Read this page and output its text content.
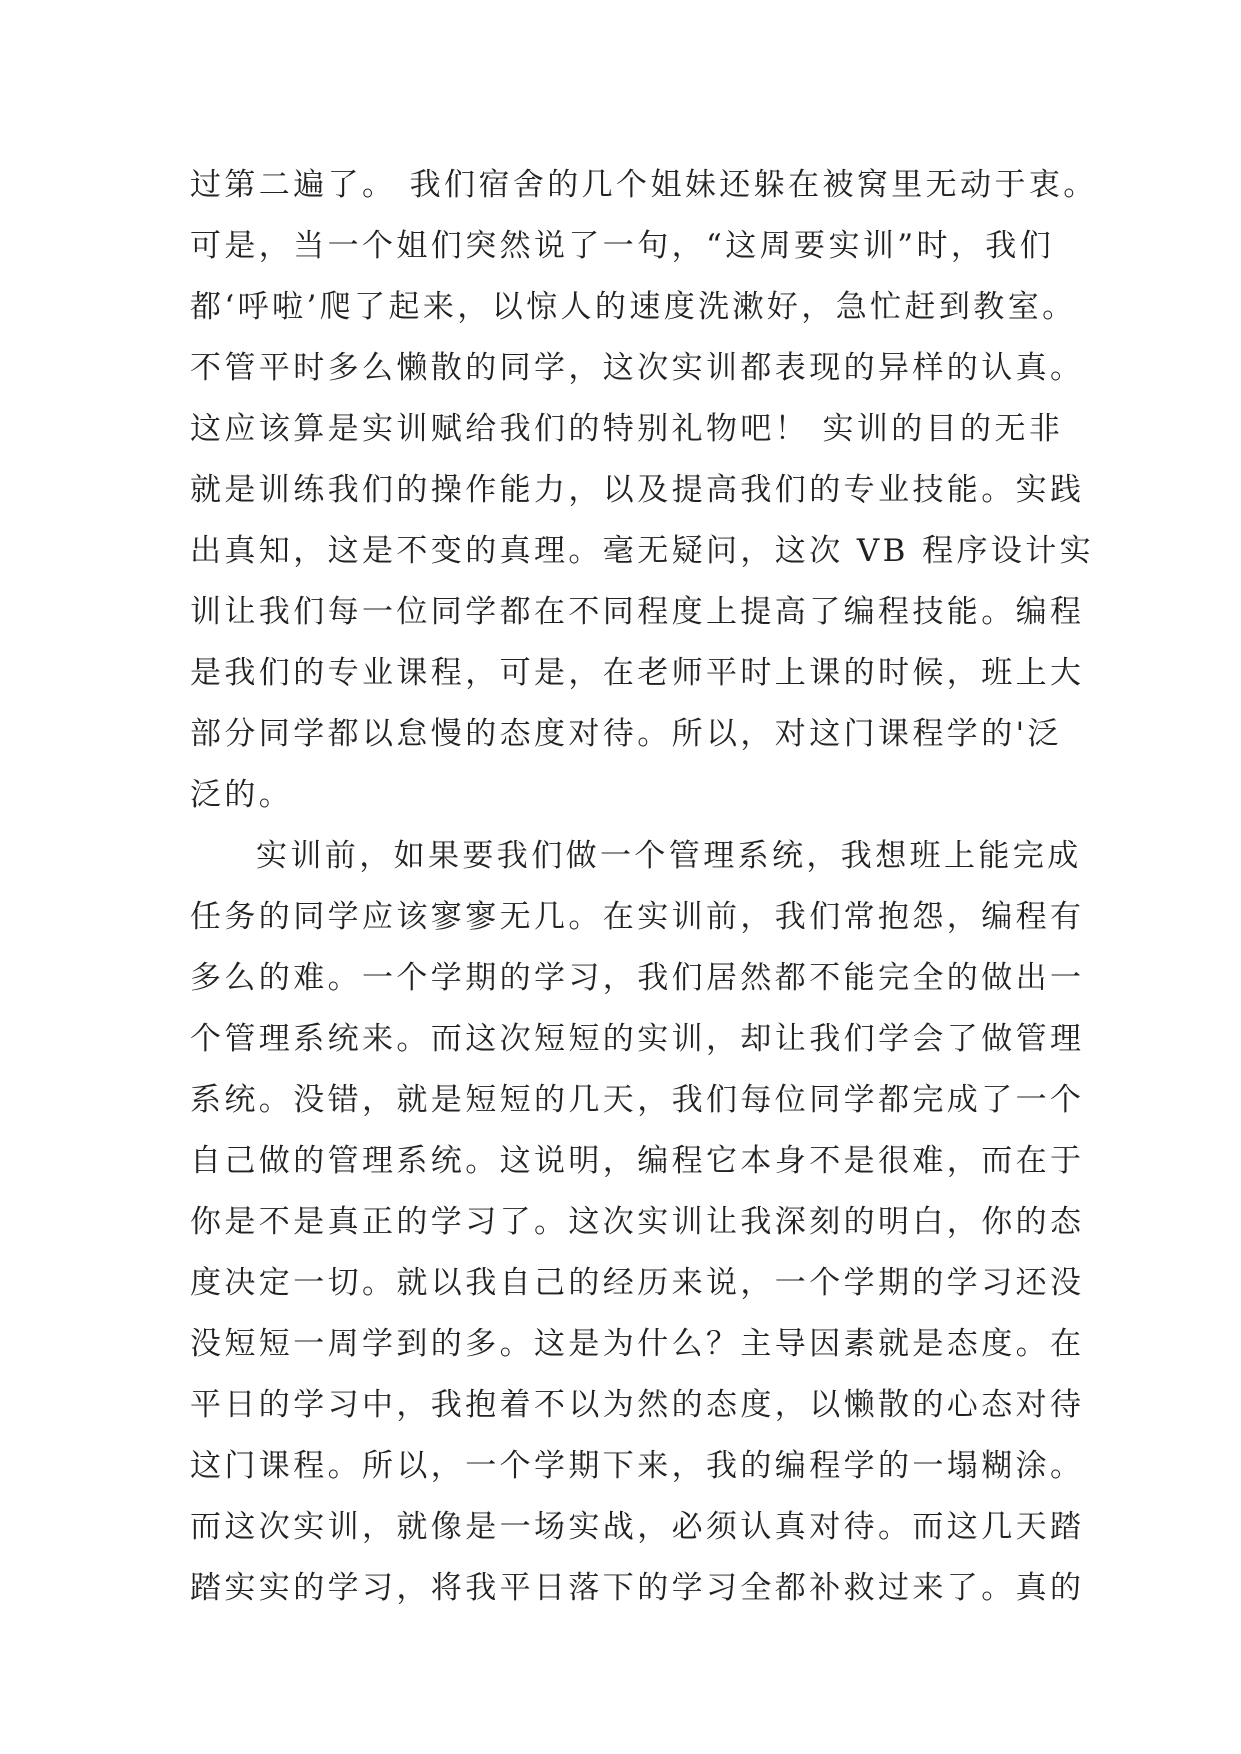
过第二遍了。 我们宿舍的几个姐妹还躲在被窝里无动于衷。
可是，当一个姐们突然说了一句，“这周要实训”时，我们
都‘呼啦’爬了起来，以惊人的速度洗漱好，急忙赶到教室。
不管平时多么懒散的同学，这次实训都表现的异样的认真。
这应该算是实训赋给我们的特别礼物吧！ 实训的目的无非
就是训练我们的操作能力，以及提高我们的专业技能。实践
出真知，这是不变的真理。毫无疑问，这次 VB 程序设计实
训让我们每一位同学都在不同程度上提高了编程技能。编程
是我们的专业课程，可是，在老师平时上课的时候，班上大
部分同学都以怠慢的态度对待。所以，对这门课程学的'泛
泛的。
实训前，如果要我们做一个管理系统，我想班上能完成
任务的同学应该寥寥无几。在实训前，我们常抱怨，编程有
多么的难。一个学期的学习，我们居然都不能完全的做出一
个管理系统来。而这次短短的实训，却让我们学会了做管理
系统。没错，就是短短的几天，我们每位同学都完成了一个
自己做的管理系统。这说明，编程它本身不是很难，而在于
你是不是真正的学习了。这次实训让我深刻的明白，你的态
度决定一切。就以我自己的经历来说，一个学期的学习还没
没短短一周学到的多。这是为什么？主导因素就是态度。在
平日的学习中，我抱着不以为然的态度，以懒散的心态对待
这门课程。所以，一个学期下来，我的编程学的一塌糊涂。
而这次实训，就像是一场实战，必须认真对待。而这几天踏
踏实实的学习，将我平日落下的学习全都补救过来了。真的
